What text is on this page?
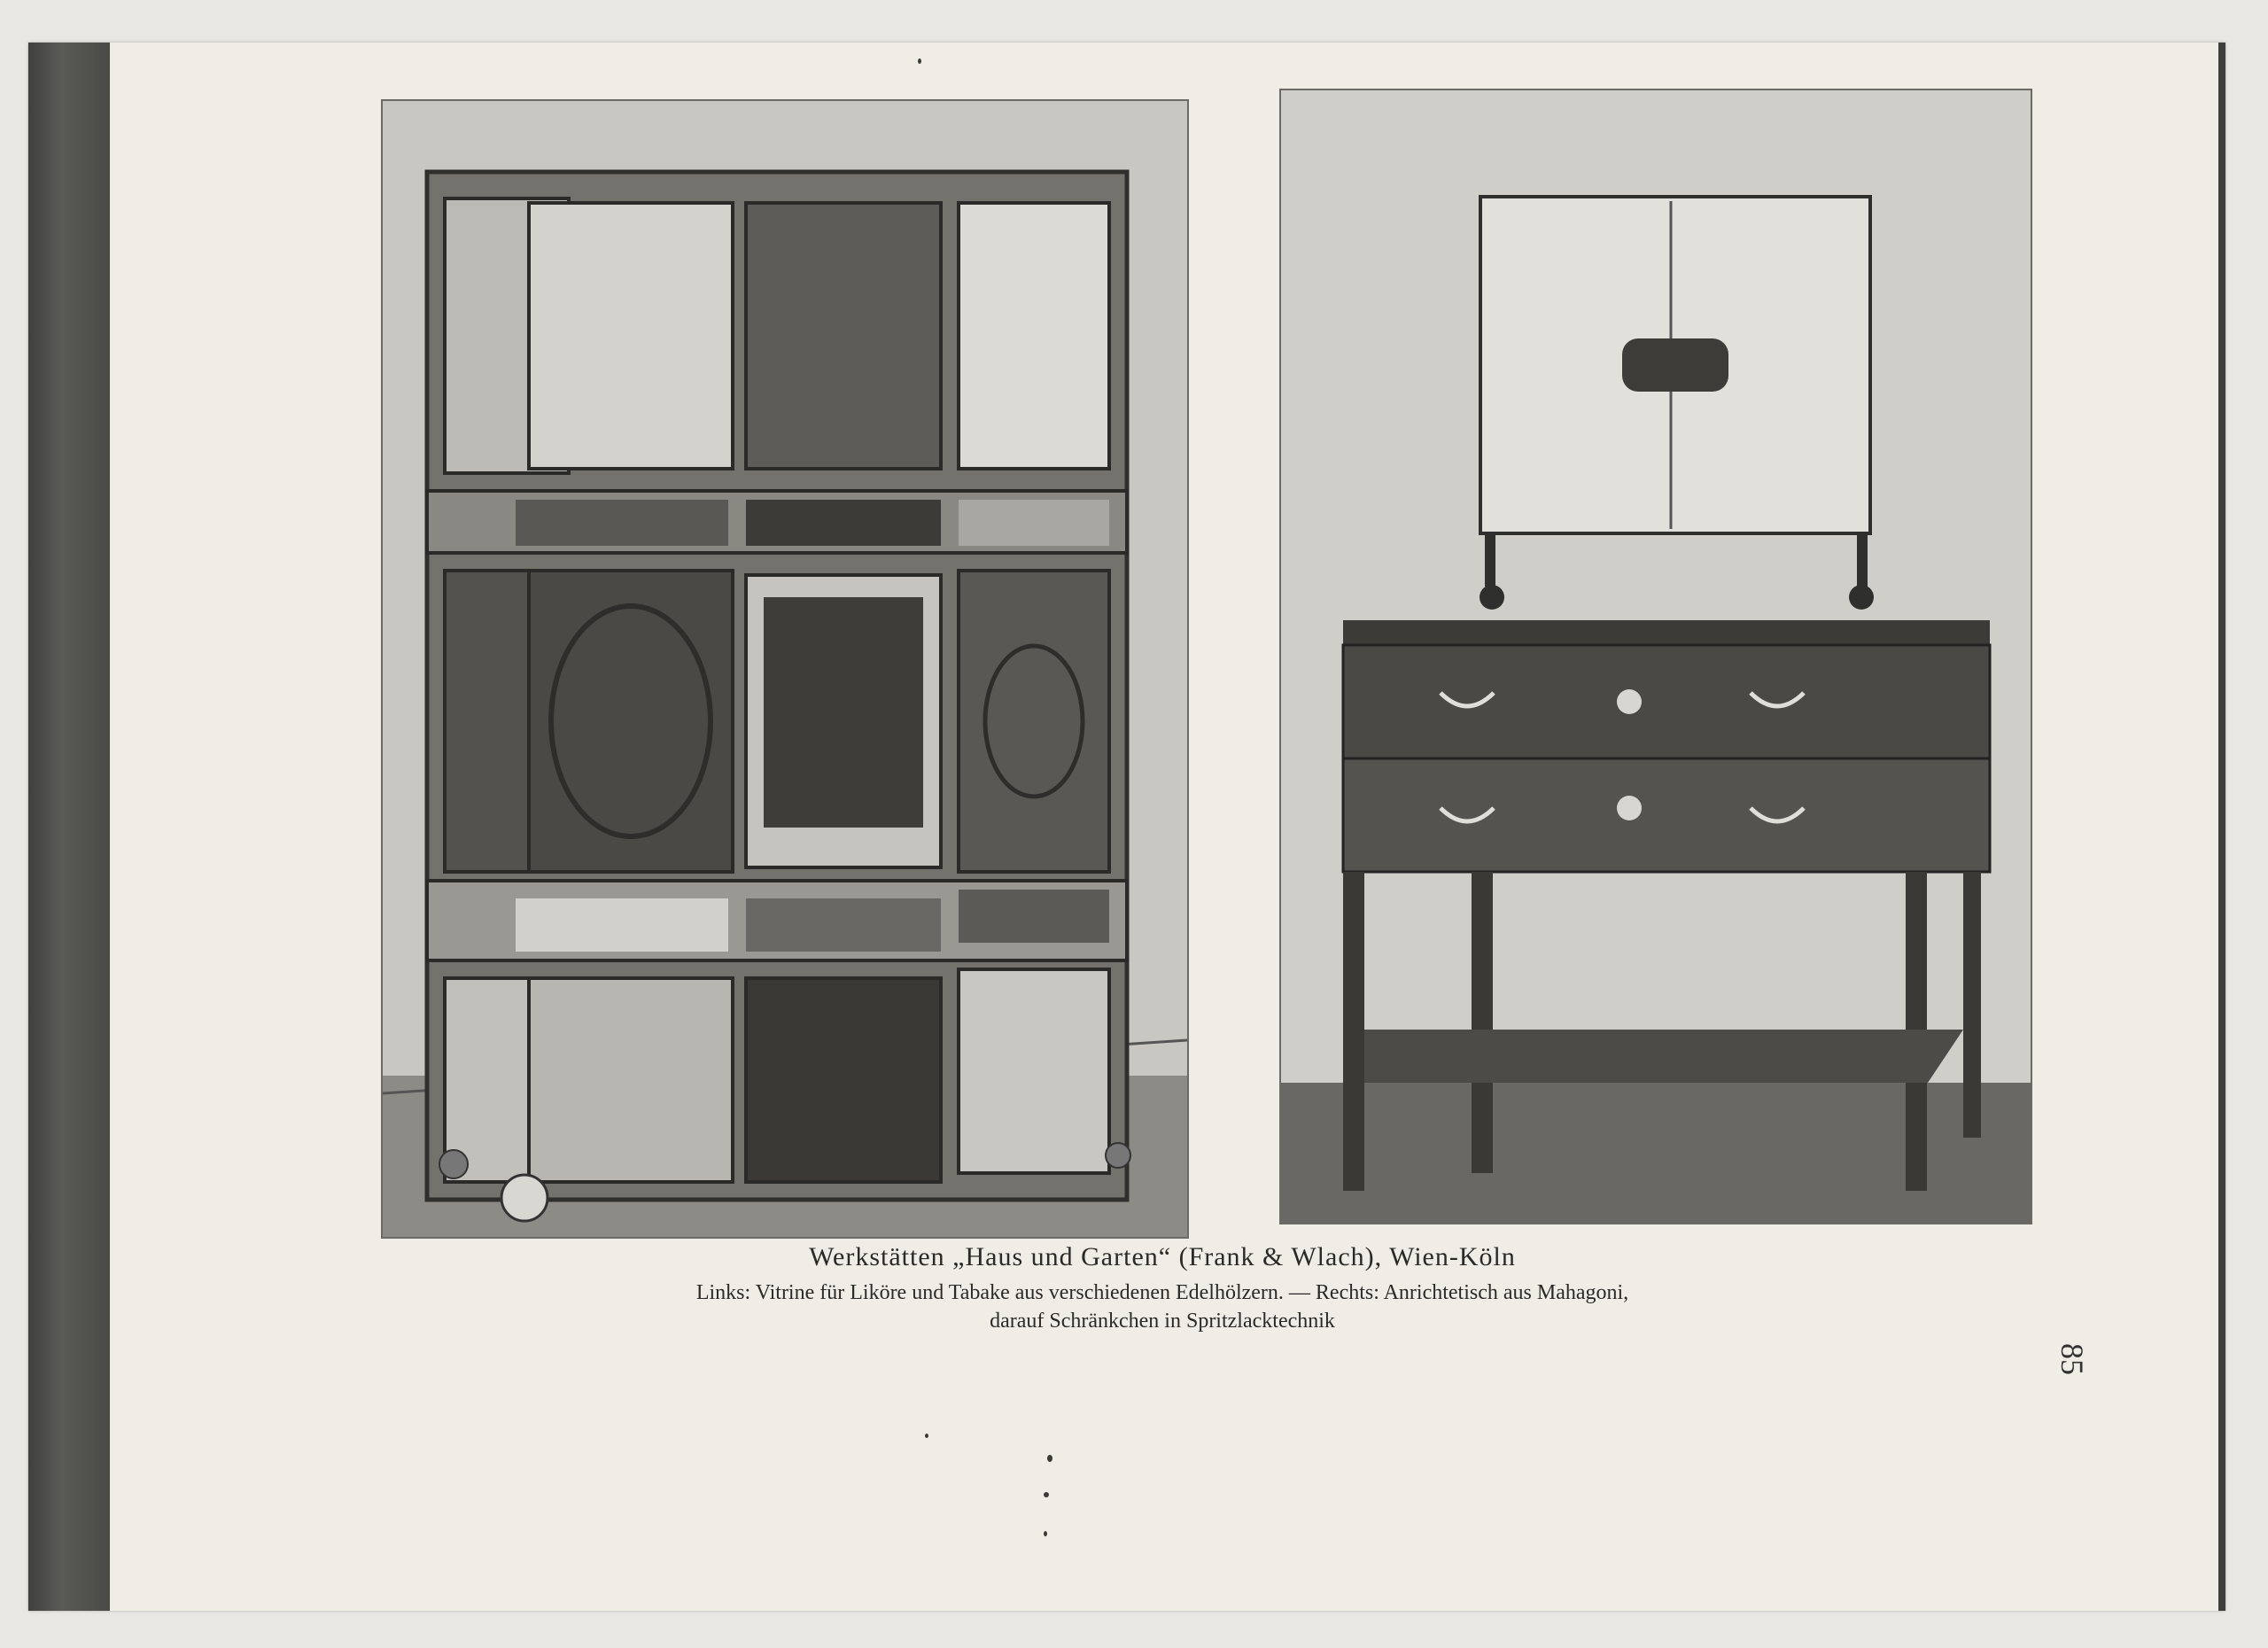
Werkstätten „Haus und Garten“ (Frank & Wlach), Wien-Köln
Links: Vitrine für Liköre und Tabake aus verschiedenen Edelhölzern. — Rechts: Anrichtetisch aus Mahagoni,
darauf Schränkchen in Spritzlacktechnik
85
